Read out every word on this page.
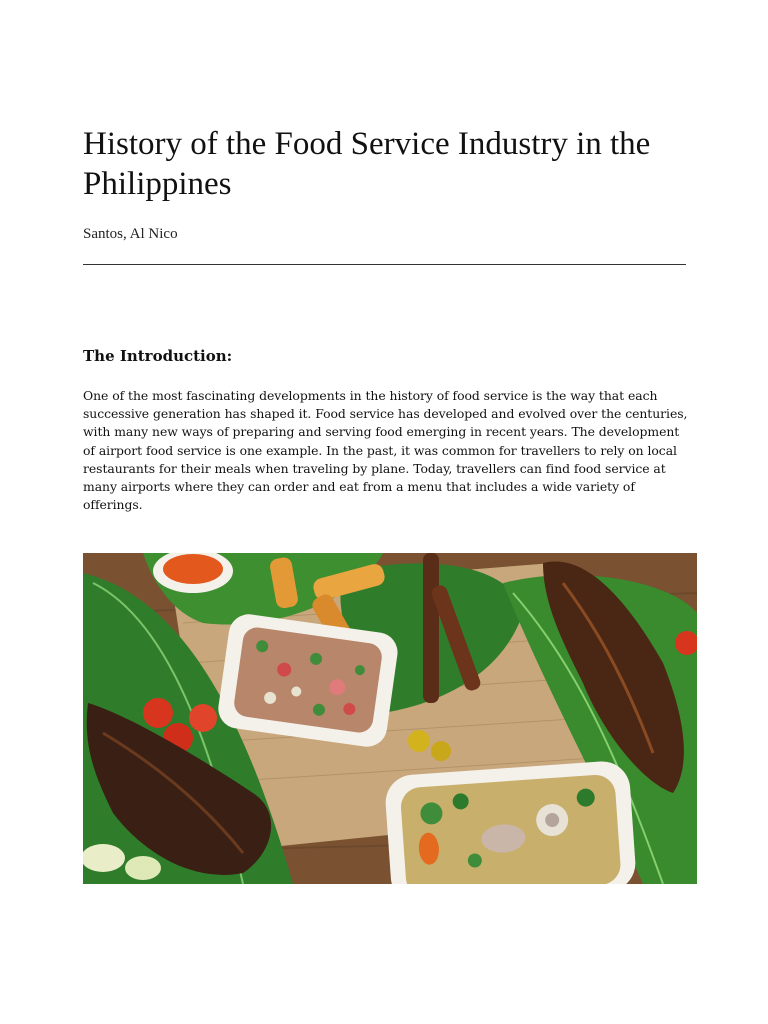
History of the Food Service Industry in the Philippines

Santos, Al Nico

The Introduction:

One of the most fascinating developments in the history of food service is the way that each successive generation has shaped it. Food service has developed and evolved over the centuries, with many new ways of preparing and serving food emerging in recent years. The development of airport food service is one example. In the past, it was common for travellers to rely on local restaurants for their meals when traveling by plane. Today, travellers can find food service at many airports where they can order and eat from a menu that includes a wide variety of offerings.
